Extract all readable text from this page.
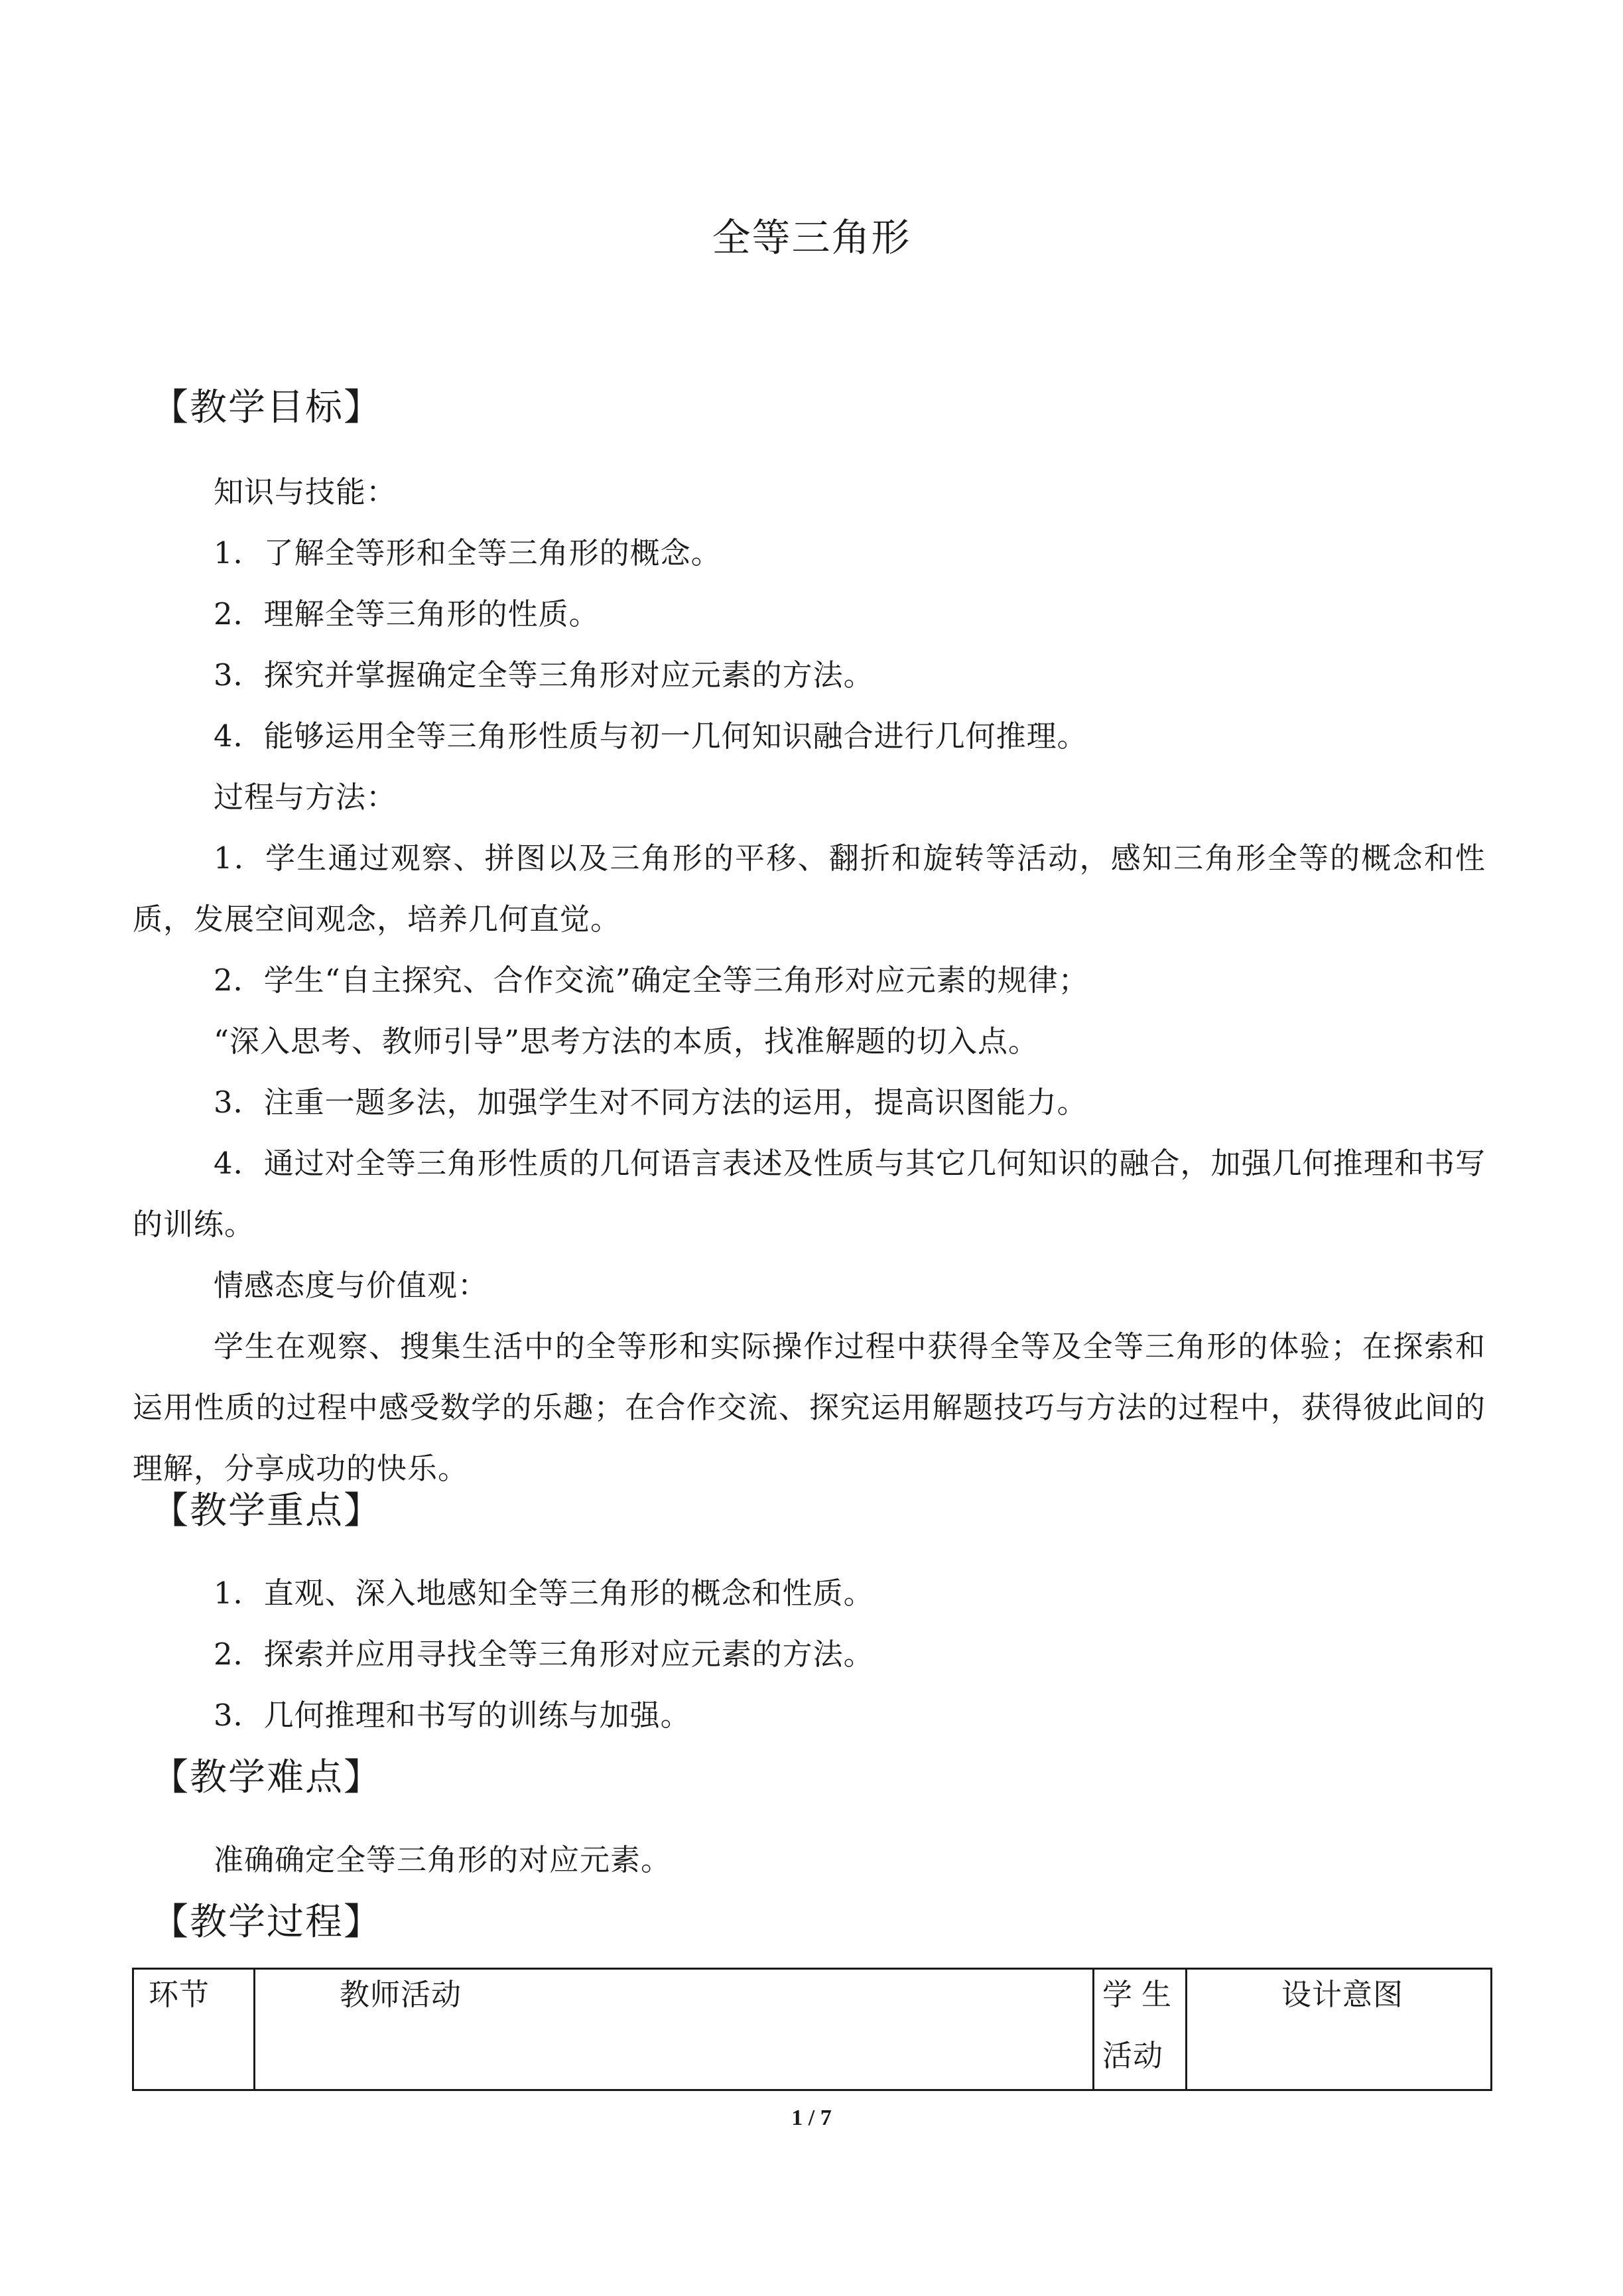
全等三角形
【教学目标】
知识与技能：
1．了解全等形和全等三角形的概念。
2．理解全等三角形的性质。
3．探究并掌握确定全等三角形对应元素的方法。
4．能够运用全等三角形性质与初一几何知识融合进行几何推理。
过程与方法：
1．学生通过观察、拼图以及三角形的平移、翻折和旋转等活动，感知三角形全等的概念和性质，发展空间观念，培养几何直觉。
2．学生“自主探究、合作交流”确定全等三角形对应元素的规律；
“深入思考、教师引导”思考方法的本质，找准解题的切入点。
3．注重一题多法，加强学生对不同方法的运用，提高识图能力。
4．通过对全等三角形性质的几何语言表述及性质与其它几何知识的融合，加强几何推理和书写的训练。
情感态度与价值观：
学生在观察、搜集生活中的全等形和实际操作过程中获得全等及全等三角形的体验；在探索和运用性质的过程中感受数学的乐趣；在合作交流、探究运用解题技巧与方法的过程中，获得彼此间的理解，分享成功的快乐。
【教学重点】
1．直观、深入地感知全等三角形的概念和性质。
2．探索并应用寻找全等三角形对应元素的方法。
3．几何推理和书写的训练与加强。
【教学难点】
准确确定全等三角形的对应元素。
【教学过程】
环节	教师活动	学生
活动
设计意图
1 / 7
